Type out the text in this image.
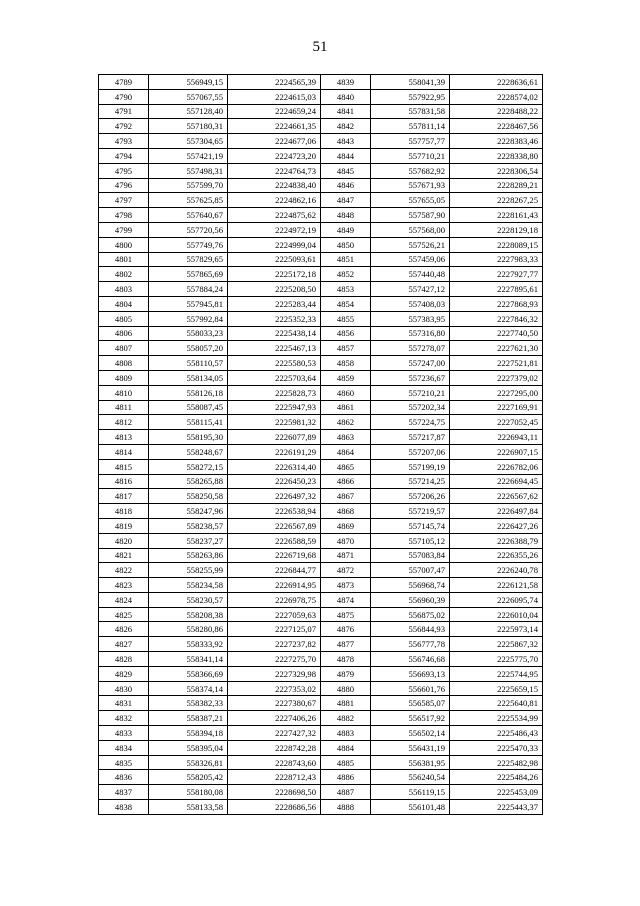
51
4789	556949,15	2224565,39	4839	558041,39	2228636,61
4790	557067,55	2224615,03	4840	557922,95	2228574,02
4791	557128,40	2224659,24	4841	557831,58	2228488,22
4792	557180,31	2224661,35	4842	557811,14	2228467,56
4793	557304,65	2224677,06	4843	557757,77	2228383,46
4794	557421,19	2224723,20	4844	557710,21	2228338,80
4795	557498,31	2224764,73	4845	557682,92	2228306,54
4796	557599,70	2224838,40	4846	557671,93	2228289,21
4797	557625,85	2224862,16	4847	557655,05	2228267,25
4798	557640,67	2224875,62	4848	557587,90	2228161,43
4799	557720,56	2224972,19	4849	557568,00	2228129,18
4800	557749,76	2224999,04	4850	557526,21	2228089,15
4801	557829,65	2225093,61	4851	557459,06	2227983,33
4802	557865,69	2225172,18	4852	557440,48	2227927,77
4803	557884,24	2225208,50	4853	557427,12	2227895,61
4804	557945,81	2225283,44	4854	557408,03	2227868,93
4805	557992,84	2225352,33	4855	557383,95	2227846,32
4806	558033,23	2225438,14	4856	557316,80	2227740,50
4807	558057,20	2225467,13	4857	557278,07	2227621,30
4808	558110,57	2225580,53	4858	557247,00	2227521,81
4809	558134,05	2225703,64	4859	557236,67	2227379,02
4810	558126,18	2225828,73	4860	557210,21	2227295,00
4811	558087,45	2225947,93	4861	557202,34	2227169,91
4812	558115,41	2225981,32	4862	557224,75	2227052,45
4813	558195,30	2226077,89	4863	557217,87	2226943,11
4814	558248,67	2226191,29	4864	557207,06	2226907,15
4815	558272,15	2226314,40	4865	557199,19	2226782,06
4816	558265,88	2226450,23	4866	557214,25	2226694,45
4817	558250,58	2226497,32	4867	557206,26	2226567,62
4818	558247,96	2226538,94	4868	557219,57	2226497,84
4819	558238,57	2226567,89	4869	557145,74	2226427,26
4820	558237,27	2226588,59	4870	557105,12	2226388,79
4821	558263,86	2226719,68	4871	557083,84	2226355,26
4822	558255,99	2226844,77	4872	557007,47	2226240,78
4823	558234,58	2226914,95	4873	556968,74	2226121,58
4824	558230,57	2226978,75	4874	556960,39	2226095,74
4825	558208,38	2227059,63	4875	556875,02	2226010,04
4826	558280,86	2227125,07	4876	556844,93	2225973,14
4827	558333,92	2227237,82	4877	556777,78	2225867,32
4828	558341,14	2227275,70	4878	556746,68	2225775,70
4829	558366,69	2227329,98	4879	556693,13	2225744,95
4830	558374,14	2227353,02	4880	556601,76	2225659,15
4831	558382,33	2227380,67	4881	556585,07	2225640,81
4832	558387,21	2227406,26	4882	556517,92	2225534,99
4833	558394,18	2227427,32	4883	556502,14	2225486,43
4834	558395,04	2228742,28	4884	556431,19	2225470,33
4835	558326,81	2228743,60	4885	556381,95	2225482,98
4836	558205,42	2228712,43	4886	556240,54	2225484,26
4837	558180,08	2228698,50	4887	556119,15	2225453,09
4838	558133,58	2228686,56	4888	556101,48	2225443,37
